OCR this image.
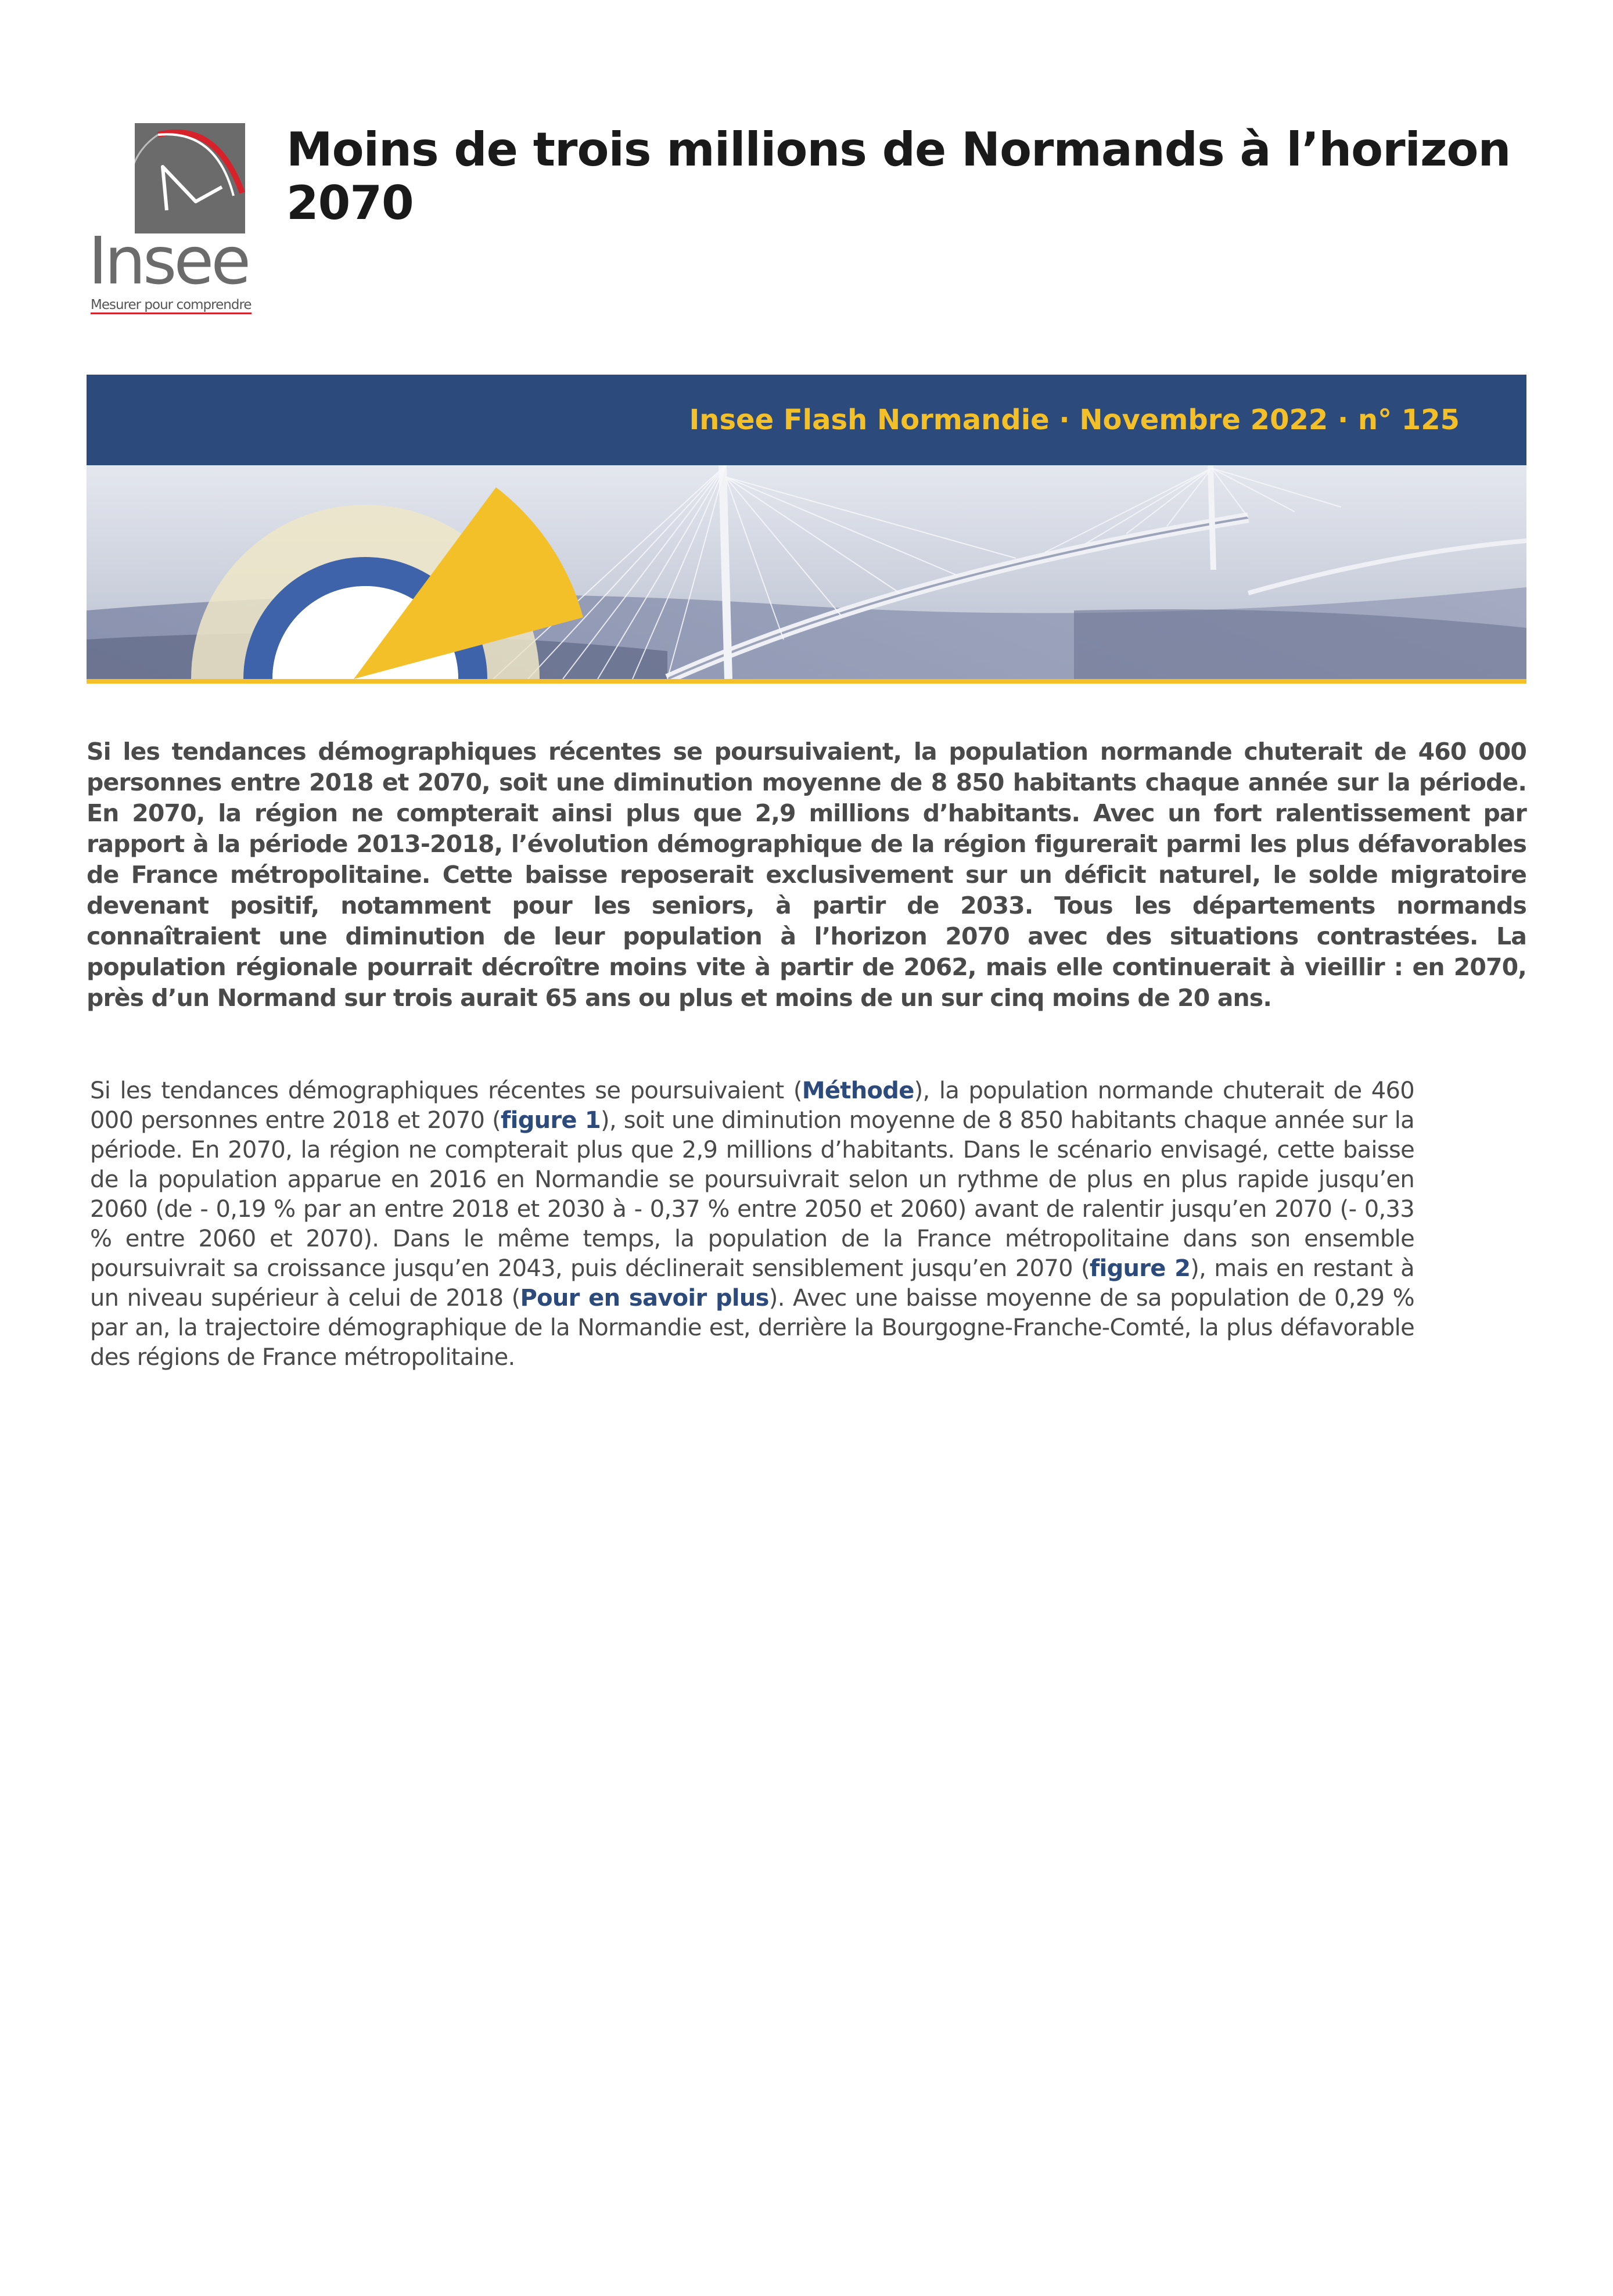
Insee
Mesurer pour comprendre
Moins de trois millions de Normands à l’horizon 2070
Insee Flash Normandie · Novembre 2022 · n° 125

Si les tendances démographiques récentes se poursuivaient, la population normande chuterait de 460 000 personnes entre 2018 et 2070, soit une diminution moyenne de 8 850 habitants chaque année sur la période. En 2070, la région ne compterait ainsi plus que 2,9 millions d’habitants. Avec un fort ralentissement par rapport à la période 2013-2018, l’évolution démographique de la région figurerait parmi les plus défavorables de France métropolitaine. Cette baisse reposerait exclusivement sur un déficit naturel, le solde migratoire devenant positif, notamment pour les seniors, à partir de 2033. Tous les départements normands connaîtraient une diminution de leur population à l’horizon 2070 avec des situations contrastées. La population régionale pourrait décroître moins vite à partir de 2062, mais elle continuerait à vieillir : en 2070, près d’un Normand sur trois aurait 65 ans ou plus et moins de un sur cinq moins de 20 ans.

Si les tendances démographiques récentes se poursuivaient (Méthode), la population normande chuterait de 460 000 personnes entre 2018 et 2070 (figure 1), soit une diminution moyenne de 8 850 habitants chaque année sur la période. En 2070, la région ne compterait plus que 2,9 millions d’habitants. Dans le scénario envisagé, cette baisse de la population apparue en 2016 en Normandie se poursuivrait selon un rythme de plus en plus rapide jusqu’en 2060 (de - 0,19 % par an entre 2018 et 2030 à - 0,37 % entre 2050 et 2060) avant de ralentir jusqu’en 2070 (- 0,33 % entre 2060 et 2070). Dans le même temps, la population de la France métropolitaine dans son ensemble poursuivrait sa croissance jusqu’en 2043, puis déclinerait sensiblement jusqu’en 2070 (figure 2), mais en restant à un niveau supérieur à celui de 2018 (Pour en savoir plus). Avec une baisse moyenne de sa population de 0,29 % par an, la trajectoire démographique de la Normandie est, derrière la Bourgogne-Franche-Comté, la plus défavorable des régions de France métropolitaine.
